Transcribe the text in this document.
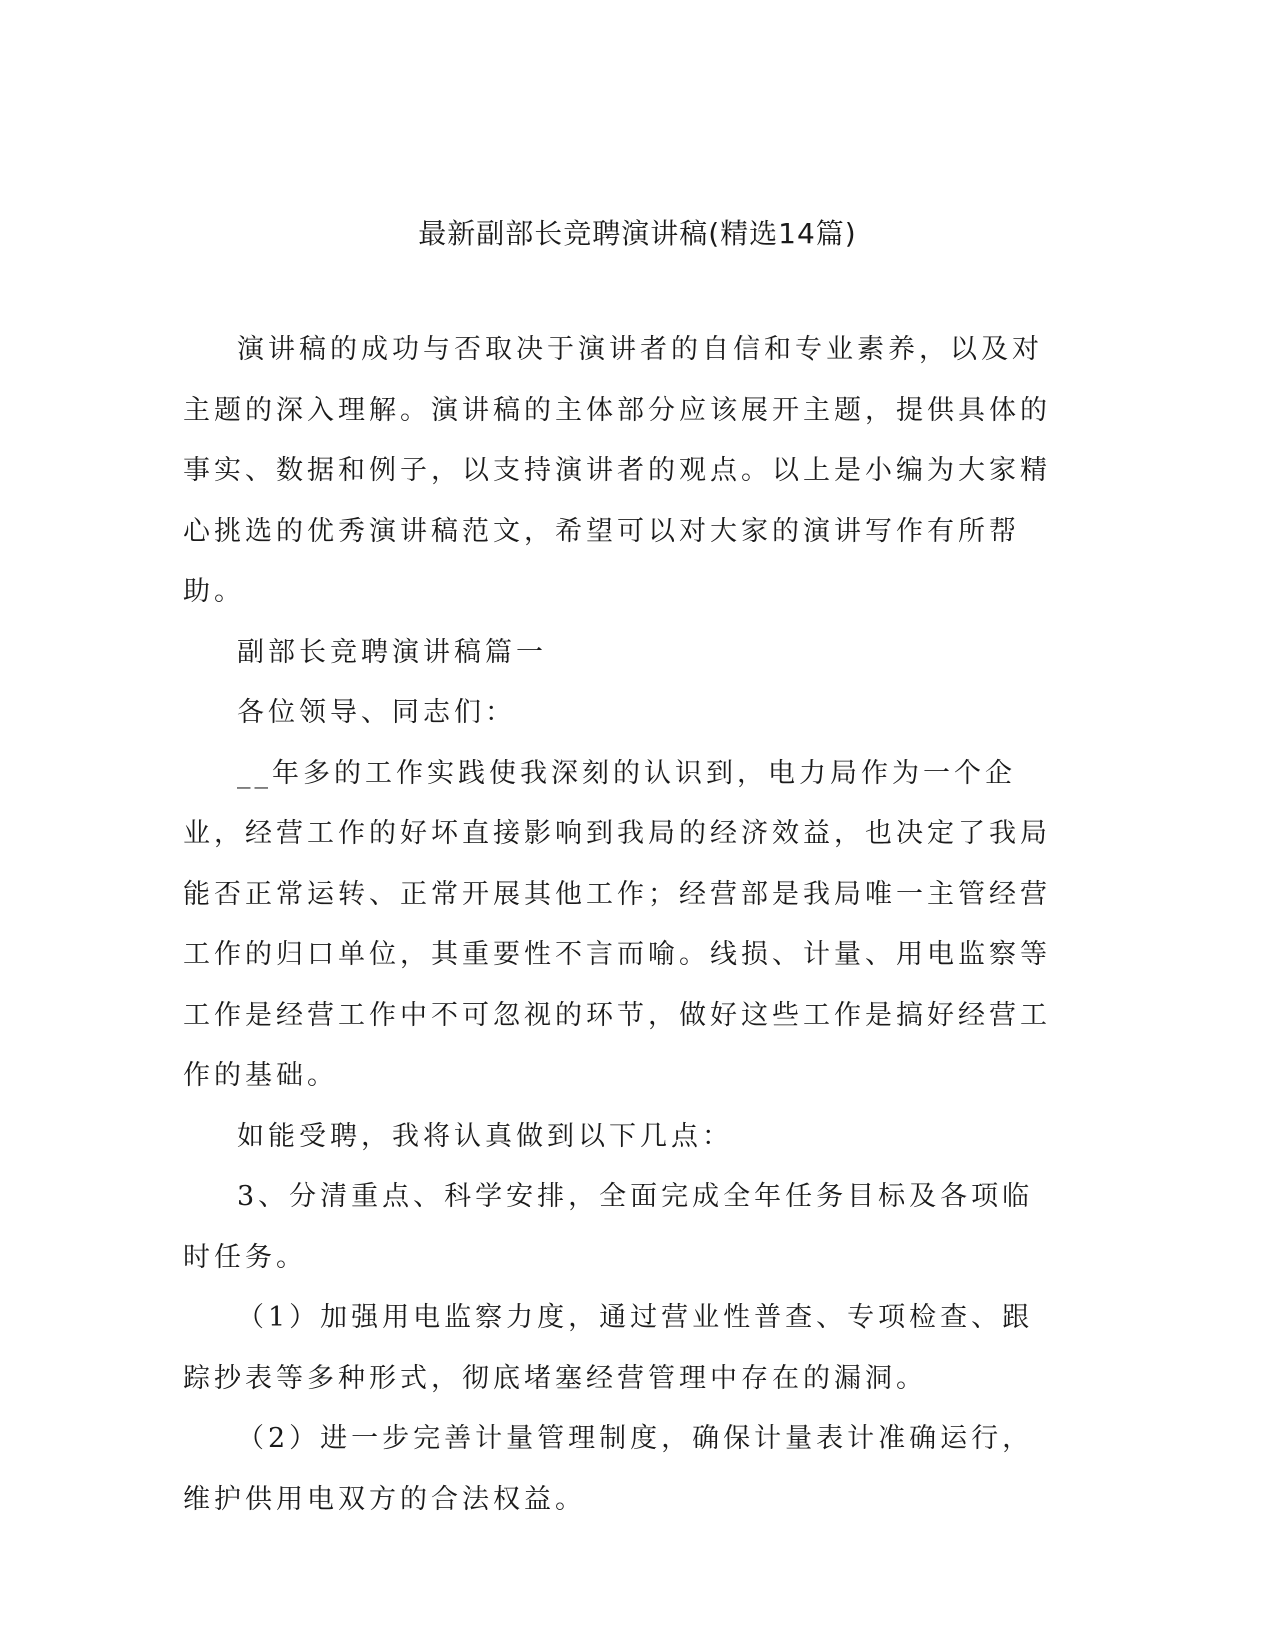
最新副部长竞聘演讲稿(精选14篇)

演讲稿的成功与否取决于演讲者的自信和专业素养，以及对主题的深入理解。演讲稿的主体部分应该展开主题，提供具体的事实、数据和例子，以支持演讲者的观点。以上是小编为大家精心挑选的优秀演讲稿范文，希望可以对大家的演讲写作有所帮助。

副部长竞聘演讲稿篇一

各位领导、同志们：

__年多的工作实践使我深刻的认识到，电力局作为一个企业，经营工作的好坏直接影响到我局的经济效益，也决定了我局能否正常运转、正常开展其他工作；经营部是我局唯一主管经营工作的归口单位，其重要性不言而喻。线损、计量、用电监察等工作是经营工作中不可忽视的环节，做好这些工作是搞好经营工作的基础。

如能受聘，我将认真做到以下几点：

3、分清重点、科学安排，全面完成全年任务目标及各项临时任务。

（1）加强用电监察力度，通过营业性普查、专项检查、跟踪抄表等多种形式，彻底堵塞经营管理中存在的漏洞。

（2）进一步完善计量管理制度，确保计量表计准确运行，维护供用电双方的合法权益。
